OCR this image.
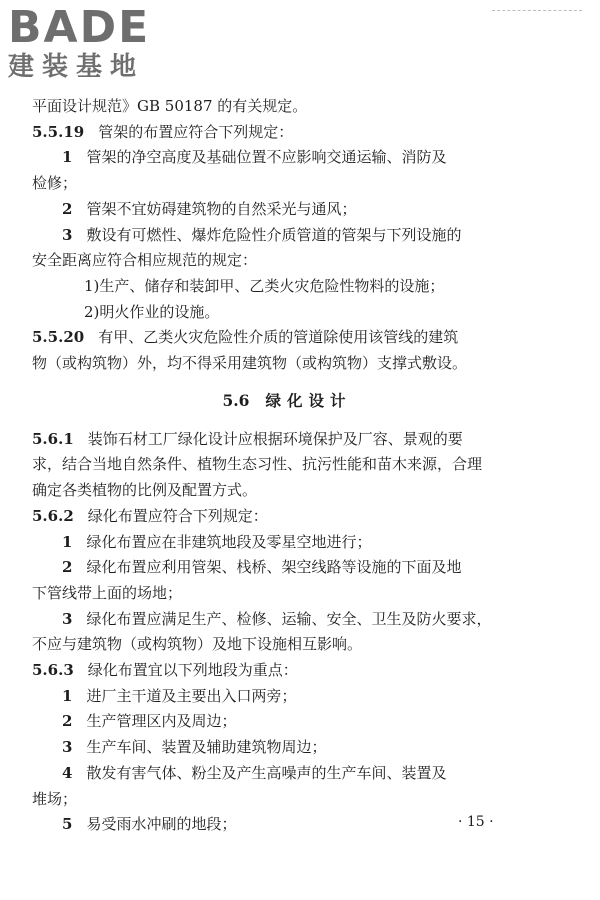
BADE
建装基地
平面设计规范》GB 50187 的有关规定。
5.5.19 管架的布置应符合下列规定：
1 管架的净空高度及基础位置不应影响交通运输、消防及
检修；
2 管架不宜妨碍建筑物的自然采光与通风；
3 敷设有可燃性、爆炸危险性介质管道的管架与下列设施的
安全距离应符合相应规范的规定：
1)生产、储存和装卸甲、乙类火灾危险性物料的设施；
2)明火作业的设施。
5.5.20 有甲、乙类火灾危险性介质的管道除使用该管线的建筑
物（或构筑物）外，均不得采用建筑物（或构筑物）支撑式敷设。
5.6 绿化设计
5.6.1 装饰石材工厂绿化设计应根据环境保护及厂容、景观的要
求，结合当地自然条件、植物生态习性、抗污性能和苗木来源，合理
确定各类植物的比例及配置方式。
5.6.2 绿化布置应符合下列规定：
1 绿化布置应在非建筑地段及零星空地进行；
2 绿化布置应利用管架、栈桥、架空线路等设施的下面及地
下管线带上面的场地；
3 绿化布置应满足生产、检修、运输、安全、卫生及防火要求，
不应与建筑物（或构筑物）及地下设施相互影响。
5.6.3 绿化布置宜以下列地段为重点：
1 进厂主干道及主要出入口两旁；
2 生产管理区内及周边；
3 生产车间、装置及辅助建筑物周边；
4 散发有害气体、粉尘及产生高噪声的生产车间、装置及
堆场；
5 易受雨水冲刷的地段；	· 15 ·
